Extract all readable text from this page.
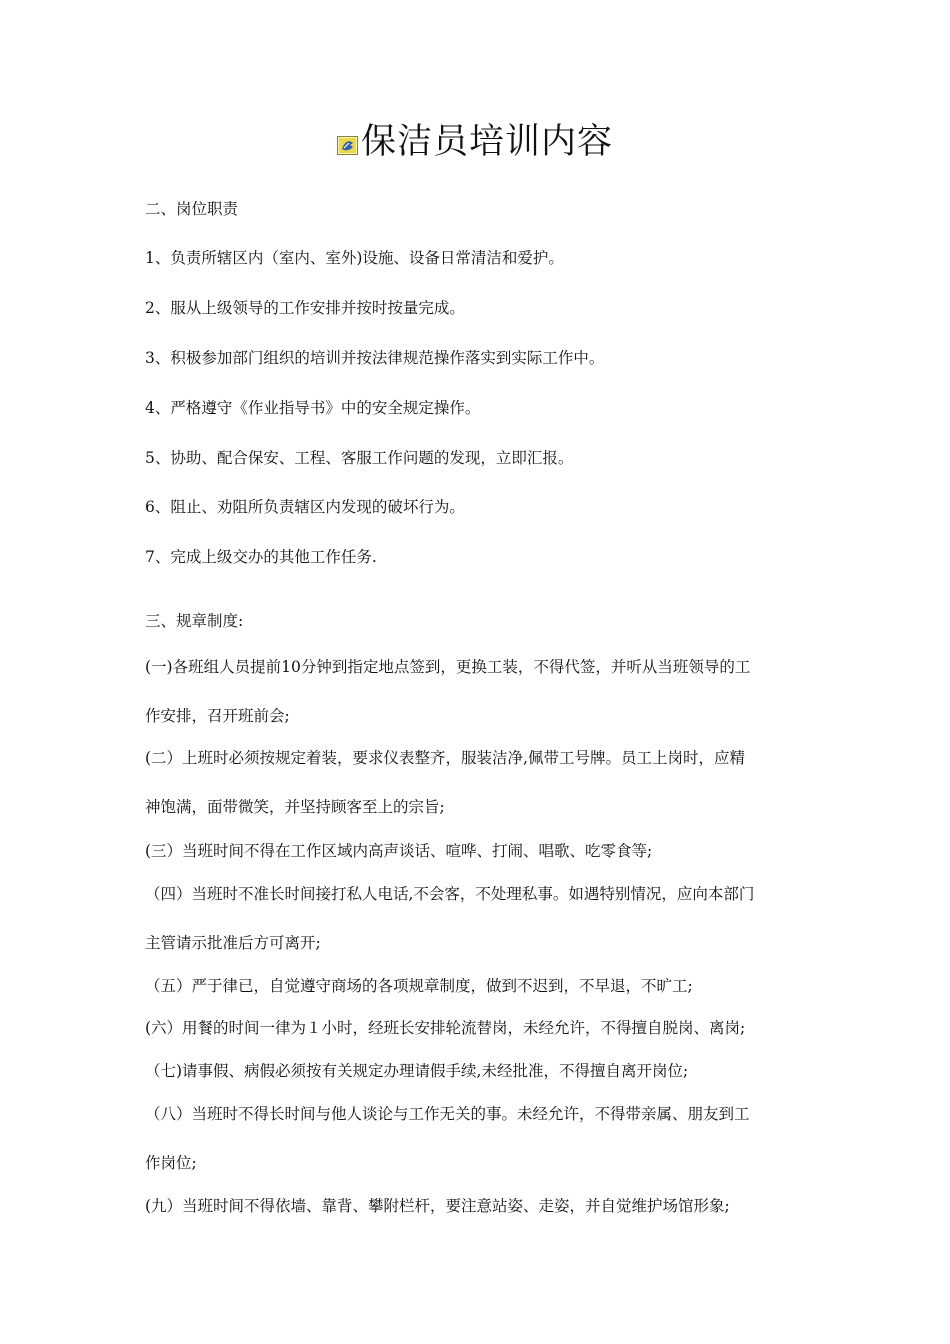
保洁员培训内容
二、岗位职责
1、负责所辖区内（室内、室外)设施、设备日常清洁和爱护。
2、服从上级领导的工作安排并按时按量完成。
3、积极参加部门组织的培训并按法律规范操作落实到实际工作中。
4、严格遵守《作业指导书》中的安全规定操作。
5、协助、配合保安、工程、客服工作问题的发现，立即汇报。
6、阻止、劝阻所负责辖区内发现的破坏行为。
7、完成上级交办的其他工作任务.
三、规章制度:
(一)各班组人员提前10分钟到指定地点签到，更换工装，不得代签，并听从当班领导的工
作安排，召开班前会;
(二）上班时必须按规定着装，要求仪表整齐，服装洁净,佩带工号牌。员工上岗时，应精
神饱满，面带微笑，并坚持顾客至上的宗旨;
(三）当班时间不得在工作区域内高声谈话、喧哗、打闹、唱歌、吃零食等;
（四）当班时不准长时间接打私人电话,不会客，不处理私事。如遇特别情况，应向本部门
主管请示批准后方可离开;
（五）严于律已，自觉遵守商场的各项规章制度，做到不迟到，不早退，不旷工;
(六）用餐的时间一律为１小时，经班长安排轮流替岗，未经允许，不得擅自脱岗、离岗;
（七)请事假、病假必须按有关规定办理请假手续,未经批准，不得擅自离开岗位;
（八）当班时不得长时间与他人谈论与工作无关的事。未经允许，不得带亲属、朋友到工
作岗位;
(九）当班时间不得依墙、靠背、攀附栏杆，要注意站姿、走姿，并自觉维护场馆形象;
